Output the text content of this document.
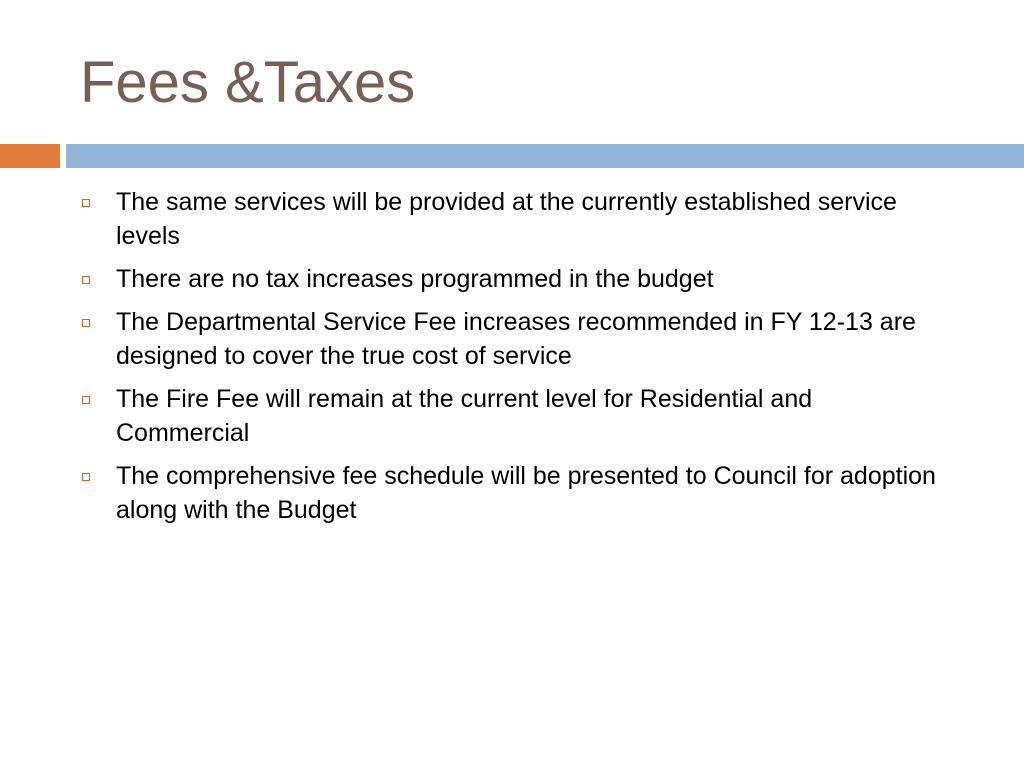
Fees &Taxes
The same services will be provided at the currently established service levels
There are no tax increases programmed in the budget
The Departmental Service Fee increases recommended in FY 12-13 are designed to cover the true cost of service
The Fire Fee will remain at the current level for Residential and Commercial
The comprehensive fee schedule will be presented to Council for adoption along with the Budget
